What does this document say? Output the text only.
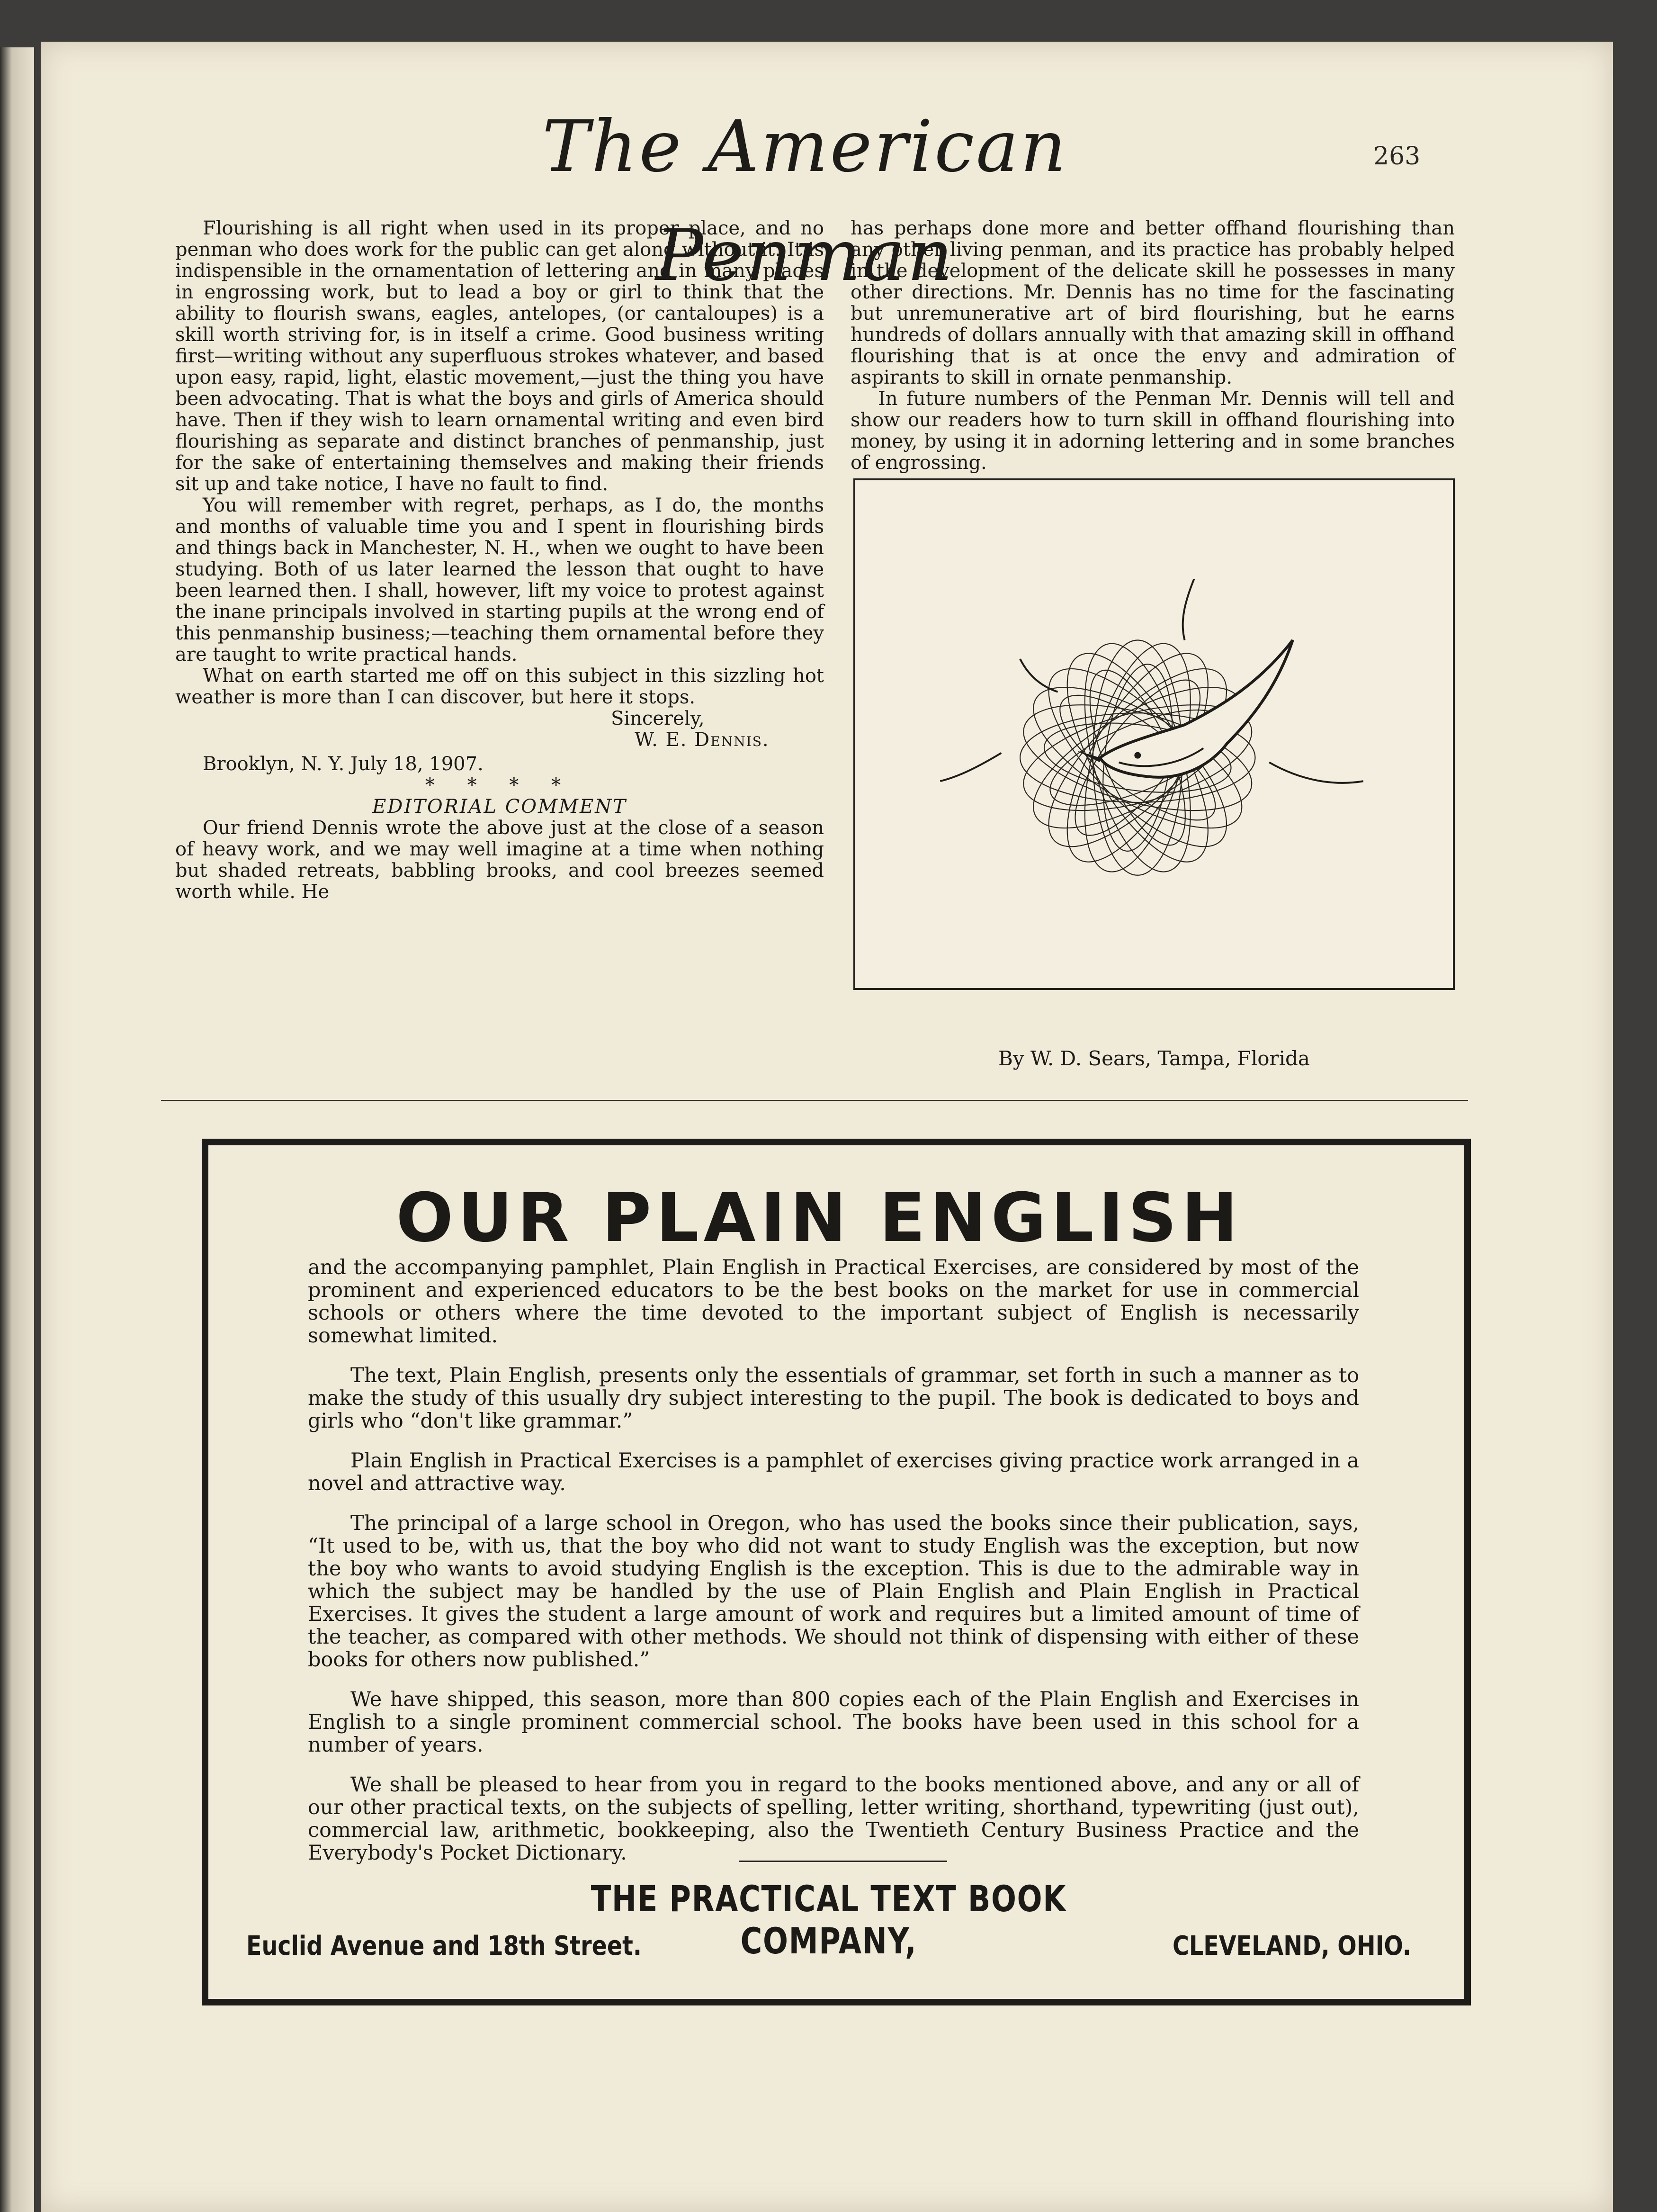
The American Penman
263

Flourishing is all right when used in its proper place, and no penman who does work for the public can get along without it. It is indispensible in the ornamentation of lettering and in many places in engrossing work, but to lead a boy or girl to think that the ability to flourish swans, eagles, antelopes, (or cantaloupes) is a skill worth striving for, is in itself a crime. Good business writing first—writing without any superfluous strokes whatever, and based upon easy, rapid, light, elastic movement,—just the thing you have been advocating. That is what the boys and girls of America should have. Then if they wish to learn ornamental writing and even bird flourishing as separate and distinct branches of penmanship, just for the sake of entertaining themselves and making their friends sit up and take notice, I have no fault to find.

You will remember with regret, perhaps, as I do, the months and months of valuable time you and I spent in flourishing birds and things back in Manchester, N. H., when we ought to have been studying. Both of us later learned the lesson that ought to have been learned then. I shall, however, lift my voice to protest against the inane principals involved in starting pupils at the wrong end of this penmanship business;—teaching them ornamental before they are taught to write practical hands.

What on earth started me off on this subject in this sizzling hot weather is more than I can discover, but here it stops.

Sincerely,

W. E. Dennis.

Brooklyn, N. Y. July 18, 1907.

* * * *

EDITORIAL COMMENT

Our friend Dennis wrote the above just at the close of a season of heavy work, and we may well imagine at a time when nothing but shaded retreats, babbling brooks, and cool breezes seemed worth while. He

has perhaps done more and better offhand flourishing than any other living penman, and its practice has probably helped in the development of the delicate skill he possesses in many other directions. Mr. Dennis has no time for the fascinating but unremunerative art of bird flourishing, but he earns hundreds of dollars annually with that amazing skill in offhand flourishing that is at once the envy and admiration of aspirants to skill in ornate penmanship.

In future numbers of the Penman Mr. Dennis will tell and show our readers how to turn skill in offhand flourishing into money, by using it in adorning lettering and in some branches of engrossing.

By W. D. Sears, Tampa, Florida
OUR PLAIN ENGLISH

and the accompanying pamphlet, Plain English in Practical Exercises, are considered by most of the prominent and experienced educators to be the best books on the market for use in commercial schools or others where the time devoted to the important subject of English is necessarily somewhat limited.

The text, Plain English, presents only the essentials of grammar, set forth in such a manner as to make the study of this usually dry subject interesting to the pupil. The book is dedicated to boys and girls who “don't like grammar.”

Plain English in Practical Exercises is a pamphlet of exercises giving practice work arranged in a novel and attractive way.

The principal of a large school in Oregon, who has used the books since their publication, says, “It used to be, with us, that the boy who did not want to study English was the exception, but now the boy who wants to avoid studying English is the exception. This is due to the admirable way in which the subject may be handled by the use of Plain English and Plain English in Practical Exercises. It gives the student a large amount of work and requires but a limited amount of time of the teacher, as compared with other methods. We should not think of dispensing with either of these books for others now published.”

We have shipped, this season, more than 800 copies each of the Plain English and Exercises in English to a single prominent commercial school. The books have been used in this school for a number of years.

We shall be pleased to hear from you in regard to the books mentioned above, and any or all of our other practical texts, on the subjects of spelling, letter writing, shorthand, typewriting (just out), commercial law, arithmetic, bookkeeping, also the Twentieth Century Business Practice and the Everybody's Pocket Dictionary.

THE PRACTICAL TEXT BOOK COMPANY,
Euclid Avenue and 18th Street.	CLEVELAND, OHIO.
